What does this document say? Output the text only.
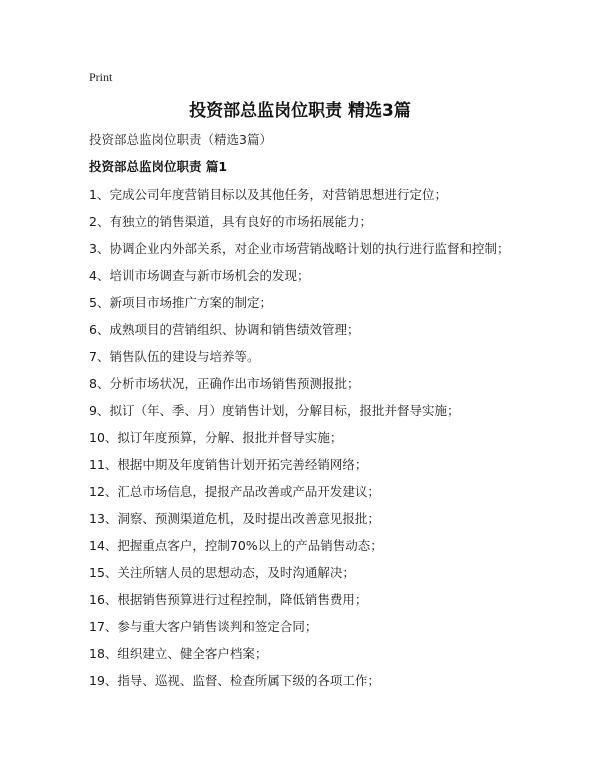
Print
投资部总监岗位职责 精选3篇
投资部总监岗位职责（精选3篇）
投资部总监岗位职责 篇1
1、完成公司年度营销目标以及其他任务，对营销思想进行定位；
2、有独立的销售渠道，具有良好的市场拓展能力；
3、协调企业内外部关系，对企业市场营销战略计划的执行进行监督和控制；
4、培训市场调查与新市场机会的发现；
5、新项目市场推广方案的制定；
6、成熟项目的营销组织、协调和销售绩效管理；
7、销售队伍的建设与培养等。
8、分析市场状况，正确作出市场销售预测报批；
9、拟订（年、季、月）度销售计划，分解目标，报批并督导实施；
10、拟订年度预算，分解、报批并督导实施；
11、根据中期及年度销售计划开拓完善经销网络；
12、汇总市场信息，提报产品改善或产品开发建议；
13、洞察、预测渠道危机，及时提出改善意见报批；
14、把握重点客户，控制70%以上的产品销售动态；
15、关注所辖人员的思想动态，及时沟通解决；
16、根据销售预算进行过程控制，降低销售费用；
17、参与重大客户销售谈判和签定合同；
18、组织建立、健全客户档案；
19、指导、巡视、监督、检查所属下级的各项工作；
